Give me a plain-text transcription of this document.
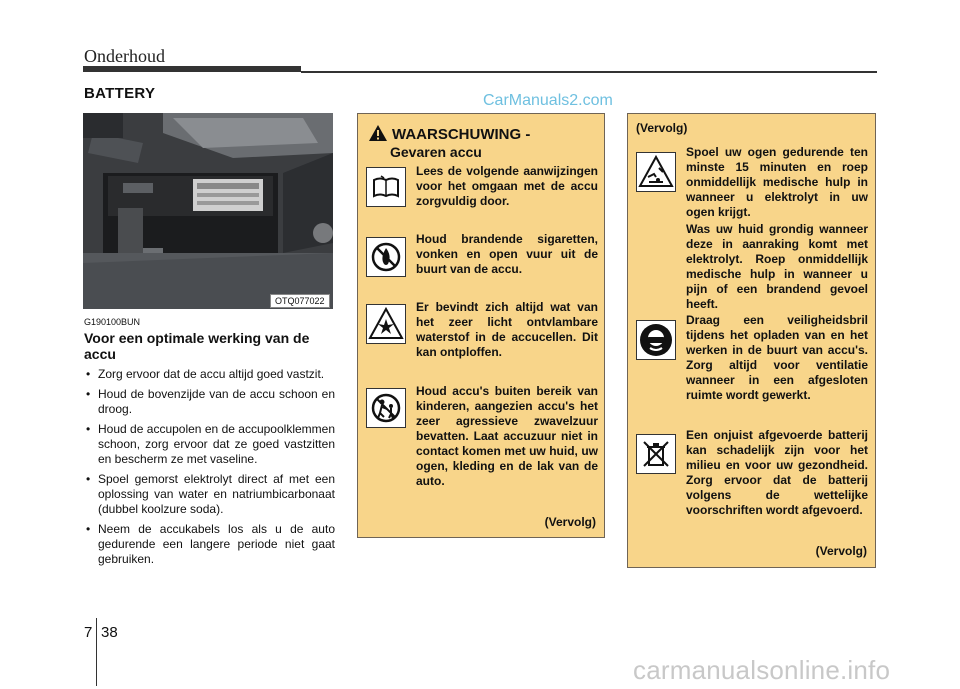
Onderhoud
BATTERY	CarManuals2.com
OTQ077022
G190100BUN
Voor een optimale werking van de accu
• Zorg ervoor dat de accu altijd goed vastzit.
• Houd de bovenzijde van de accu schoon en droog.
• Houd de accupolen en de accupoolklemmen schoon, zorg ervoor dat ze goed vastzitten en bescherm ze met vaseline.
• Spoel gemorst elektrolyt direct af met een oplossing van water en natriumbicarbonaat (dubbel koolzure soda).
• Neem de accukabels los als u de auto gedurende een langere periode niet gaat gebruiken.
WAARSCHUWING -
Gevaren accu
Lees de volgende aanwijzingen voor het omgaan met de accu zorgvuldig door.
Houd brandende sigaretten, vonken en open vuur uit de buurt van de accu.
Er bevindt zich altijd wat van het zeer licht ontvlambare waterstof in de accucellen. Dit kan ontploffen.
Houd accu's buiten bereik van kinderen, aangezien accu's het zeer agressieve zwavelzuur bevatten. Laat accuzuur niet in contact komen met uw huid, uw ogen, kleding en de lak van de auto.
(Vervolg)
(Vervolg)
Spoel uw ogen gedurende ten minste 15 minuten en roep onmiddellijk medische hulp in wanneer u elektrolyt in uw ogen krijgt.
Was uw huid grondig wanneer deze in aanraking komt met elektrolyt. Roep onmiddellijk medische hulp in wanneer u pijn of een brandend gevoel heeft.
Draag een veiligheidsbril tijdens het opladen van en het werken in de buurt van accu's. Zorg altijd voor ventilatie wanneer in een afgesloten ruimte wordt gewerkt.
Een onjuist afgevoerde batterij kan schadelijk zijn voor het milieu en voor uw gezondheid. Zorg ervoor dat de batterij volgens de wettelijke voorschriften wordt afgevoerd.
(Vervolg)
7 38
carmanualsonline.info
